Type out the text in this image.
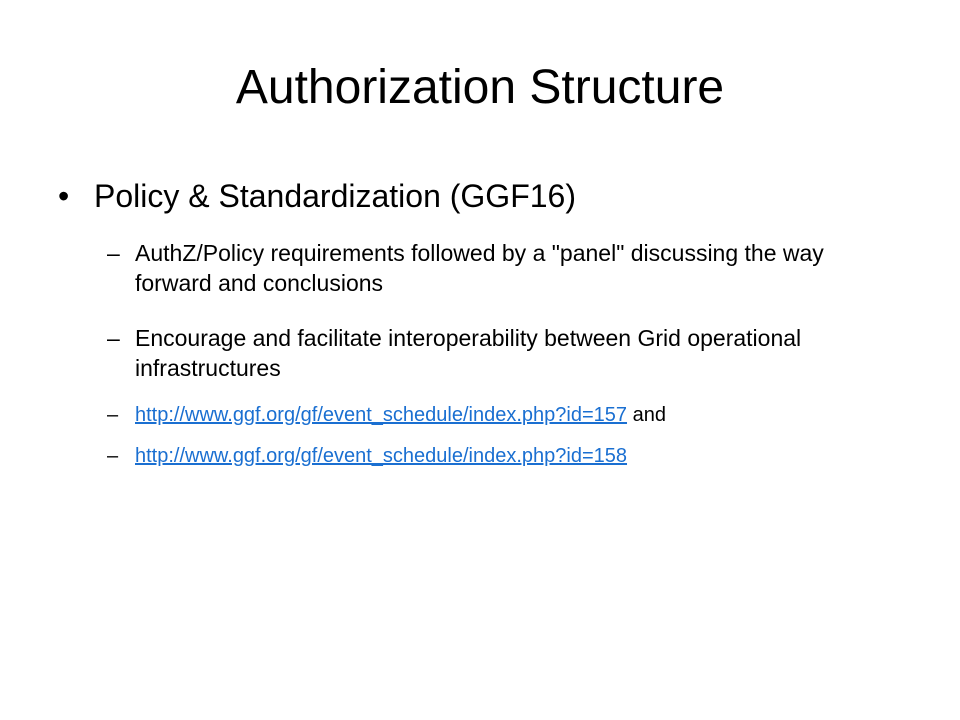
Authorization Structure
• Policy & Standardization (GGF16)
– AuthZ/Policy requirements followed by a "panel" discussing the way forward and conclusions
– Encourage and facilitate interoperability between Grid operational infrastructures
– http://www.ggf.org/gf/event_schedule/index.php?id=157 and
– http://www.ggf.org/gf/event_schedule/index.php?id=158
